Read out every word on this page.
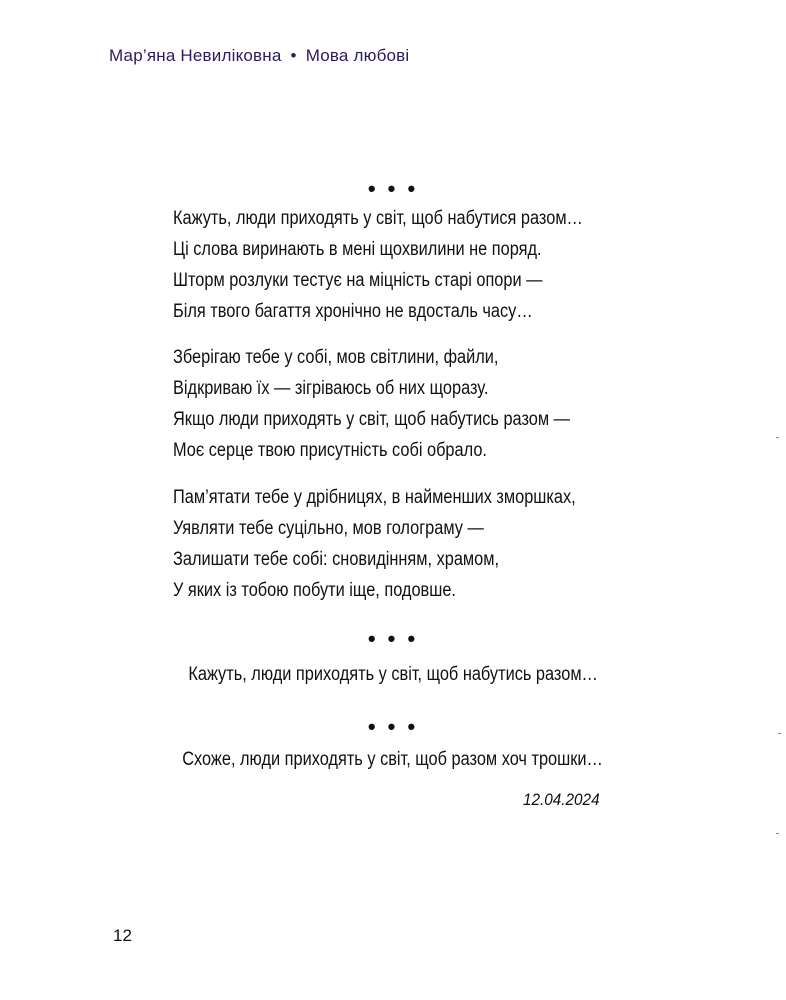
Мар’яна Невиліковна • Мова любові
• • •
Кажуть, люди приходять у світ, щоб набутися разом…
Ці слова виринають в мені щохвилини не поряд.
Шторм розлуки тестує на міцність старі опори —
Біля твого багаття хронічно не вдосталь часу…
Зберігаю тебе у собі, мов світлини, файли,
Відкриваю їх — зігріваюсь об них щоразу.
Якщо люди приходять у світ, щоб набутись разом —
Моє серце твою присутність собі обрало.
Пам’ятати тебе у дрібницях, в найменших зморшках,
Уявляти тебе суцільно, мов голограму —
Залишати тебе собі: сновидінням, храмом,
У яких із тобою побути іще, подовше.
• • •
Кажуть, люди приходять у світ, щоб набутись разом…
• • •
Схоже, люди приходять у світ, щоб разом хоч трошки…
12.04.2024
12
